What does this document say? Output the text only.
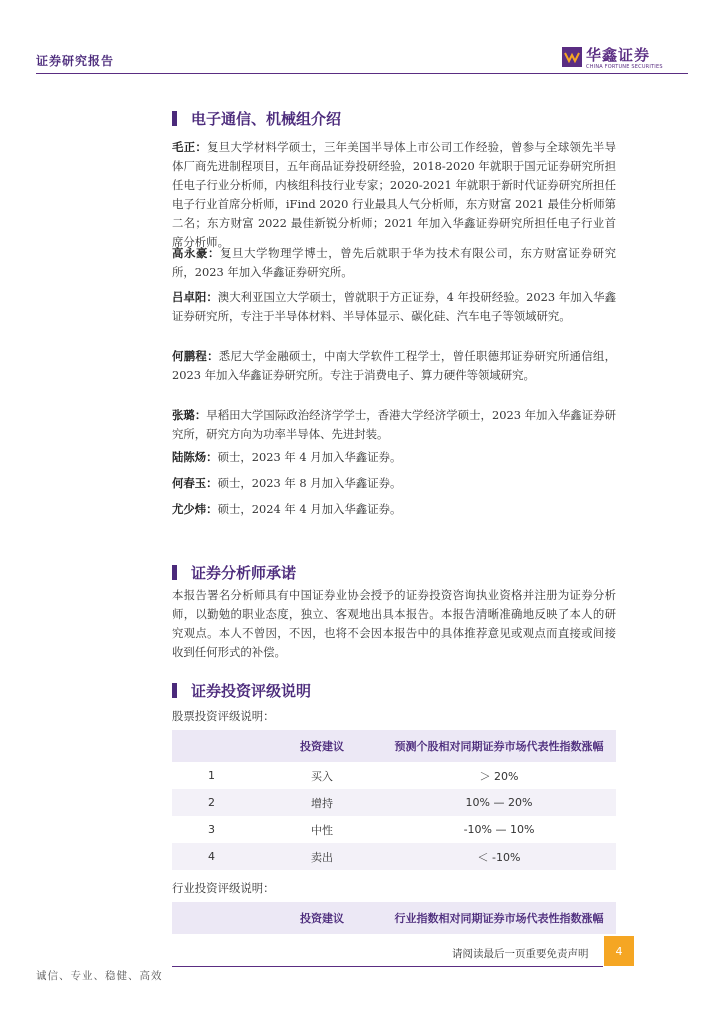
证券研究报告	华鑫证券
CHINA FORTUNE SECURITIES
电子通信、机械组介绍

毛正：复旦大学材料学硕士，三年美国半导体上市公司工作经验，曾参与全球领先半导体厂商先进制程项目，五年商品证券投研经验，2018-2020 年就职于国元证券研究所担任电子行业分析师，内核组科技行业专家；2020-2021 年就职于新时代证券研究所担任电子行业首席分析师，iFind 2020 行业最具人气分析师，东方财富 2021 最佳分析师第二名；东方财富 2022 最佳新锐分析师；2021 年加入华鑫证券研究所担任电子行业首席分析师。

高永豪：复旦大学物理学博士，曾先后就职于华为技术有限公司，东方财富证券研究所，2023 年加入华鑫证券研究所。

吕卓阳：澳大利亚国立大学硕士，曾就职于方正证券，4 年投研经验。2023 年加入华鑫证券研究所，专注于半导体材料、半导体显示、碳化硅、汽车电子等领域研究。

何鹏程：悉尼大学金融硕士，中南大学软件工程学士，曾任职德邦证券研究所通信组，2023 年加入华鑫证券研究所。专注于消费电子、算力硬件等领域研究。

张璐：早稻田大学国际政治经济学学士，香港大学经济学硕士，2023 年加入华鑫证券研究所，研究方向为功率半导体、先进封装。

陆陈炀：硕士，2023 年 4 月加入华鑫证券。

何春玉：硕士，2023 年 8 月加入华鑫证券。

尤少炜：硕士，2024 年 4 月加入华鑫证券。

证券分析师承诺

本报告署名分析师具有中国证券业协会授予的证券投资咨询执业资格并注册为证券分析师，以勤勉的职业态度，独立、客观地出具本报告。本报告清晰准确地反映了本人的研究观点。本人不曾因，不因，也将不会因本报告中的具体推荐意见或观点而直接或间接收到任何形式的补偿。

证券投资评级说明
股票投资评级说明：
	投资建议	预测个股相对同期证券市场代表性指数涨幅
1	买入	＞ 20%
2	增持	10% — 20%
3	中性	-10% — 10%
4	卖出	＜ -10%
行业投资评级说明：
	投资建议	行业指数相对同期证券市场代表性指数涨幅
请阅读最后一页重要免责声明	4
诚信、专业、稳健、高效
